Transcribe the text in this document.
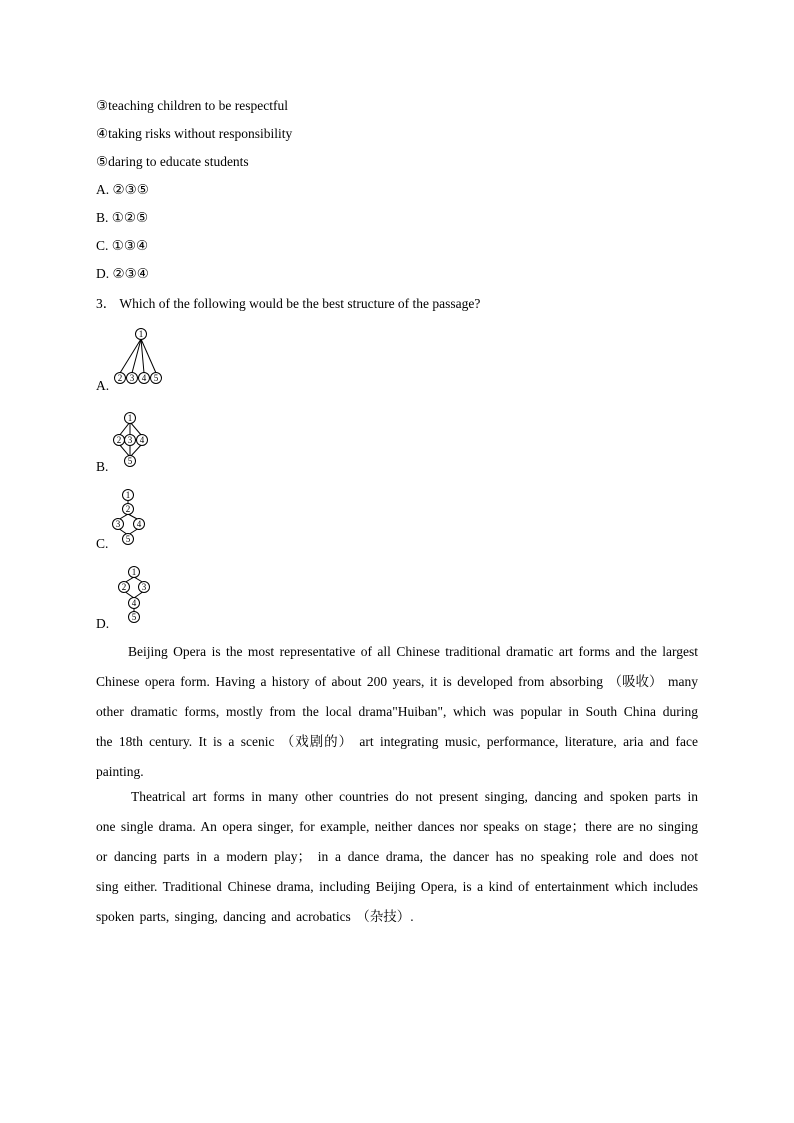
③teaching children to be respectful
④taking risks without responsibility
⑤daring to educate students
A. ②③⑤
B. ①②⑤
C. ①③④
D. ②③④
3． Which of the following would be the best structure of the passage?
A.
1
2 3 4 5
B.
1
2 3 4
5
C.
1
2
3 4
5
D.
1
2 3
4
5
Beijing Opera is the most representative of all Chinese traditional dramatic art forms and the largest Chinese opera form. Having a history of about 200 years, it is developed from absorbing （吸收） many other dramatic forms, mostly from the local drama"Huiban", which was popular in South China during the 18th century. It is a scenic （戏剧的） art integrating music, performance, literature, aria and face painting.
Theatrical art forms in many other countries do not present singing, dancing and spoken parts in one single drama. An opera singer, for example, neither dances nor speaks on stage；there are no singing or dancing parts in a modern play； in a dance drama, the dancer has no speaking role and does not sing either. Traditional Chinese drama, including Beijing Opera, is a kind of entertainment which includes spoken parts, singing, dancing and acrobatics （杂技）.
